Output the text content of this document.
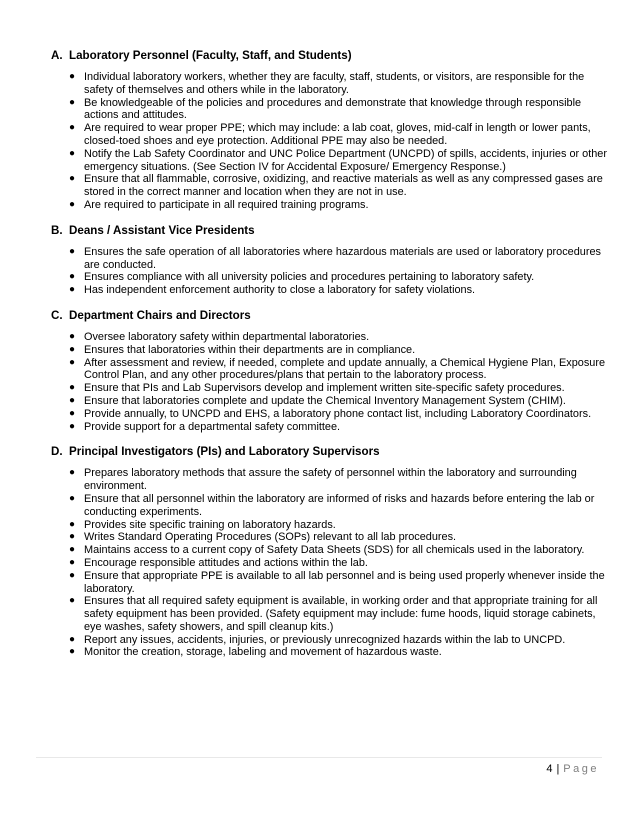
A. Laboratory Personnel (Faculty, Staff, and Students)
● Individual laboratory workers, whether they are faculty, staff, students, or visitors, are responsible for the safety of themselves and others while in the laboratory.
● Be knowledgeable of the policies and procedures and demonstrate that knowledge through responsible actions and attitudes.
● Are required to wear proper PPE; which may include: a lab coat, gloves, mid-calf in length or lower pants, closed-toed shoes and eye protection. Additional PPE may also be needed.
● Notify the Lab Safety Coordinator and UNC Police Department (UNCPD) of spills, accidents, injuries or other emergency situations. (See Section IV for Accidental Exposure/ Emergency Response.)
● Ensure that all flammable, corrosive, oxidizing, and reactive materials as well as any compressed gases are stored in the correct manner and location when they are not in use.
● Are required to participate in all required training programs.
B. Deans / Assistant Vice Presidents
● Ensures the safe operation of all laboratories where hazardous materials are used or laboratory procedures are conducted.
● Ensures compliance with all university policies and procedures pertaining to laboratory safety.
● Has independent enforcement authority to close a laboratory for safety violations.
C. Department Chairs and Directors
● Oversee laboratory safety within departmental laboratories.
● Ensures that laboratories within their departments are in compliance.
● After assessment and review, if needed, complete and update annually, a Chemical Hygiene Plan, Exposure Control Plan, and any other procedures/plans that pertain to the laboratory process.
● Ensure that PIs and Lab Supervisors develop and implement written site-specific safety procedures.
● Ensure that laboratories complete and update the Chemical Inventory Management System (CHIM).
● Provide annually, to UNCPD and EHS, a laboratory phone contact list, including Laboratory Coordinators.
● Provide support for a departmental safety committee.
D. Principal Investigators (PIs) and Laboratory Supervisors
● Prepares laboratory methods that assure the safety of personnel within the laboratory and surrounding environment.
● Ensure that all personnel within the laboratory are informed of risks and hazards before entering the lab or conducting experiments.
● Provides site specific training on laboratory hazards.
● Writes Standard Operating Procedures (SOPs) relevant to all lab procedures.
● Maintains access to a current copy of Safety Data Sheets (SDS) for all chemicals used in the laboratory.
● Encourage responsible attitudes and actions within the lab.
● Ensure that appropriate PPE is available to all lab personnel and is being used properly whenever inside the laboratory.
● Ensures that all required safety equipment is available, in working order and that appropriate training for all safety equipment has been provided. (Safety equipment may include: fume hoods, liquid storage cabinets, eye washes, safety showers, and spill cleanup kits.)
● Report any issues, accidents, injuries, or previously unrecognized hazards within the lab to UNCPD.
● Monitor the creation, storage, labeling and movement of hazardous waste.
4 | Page
